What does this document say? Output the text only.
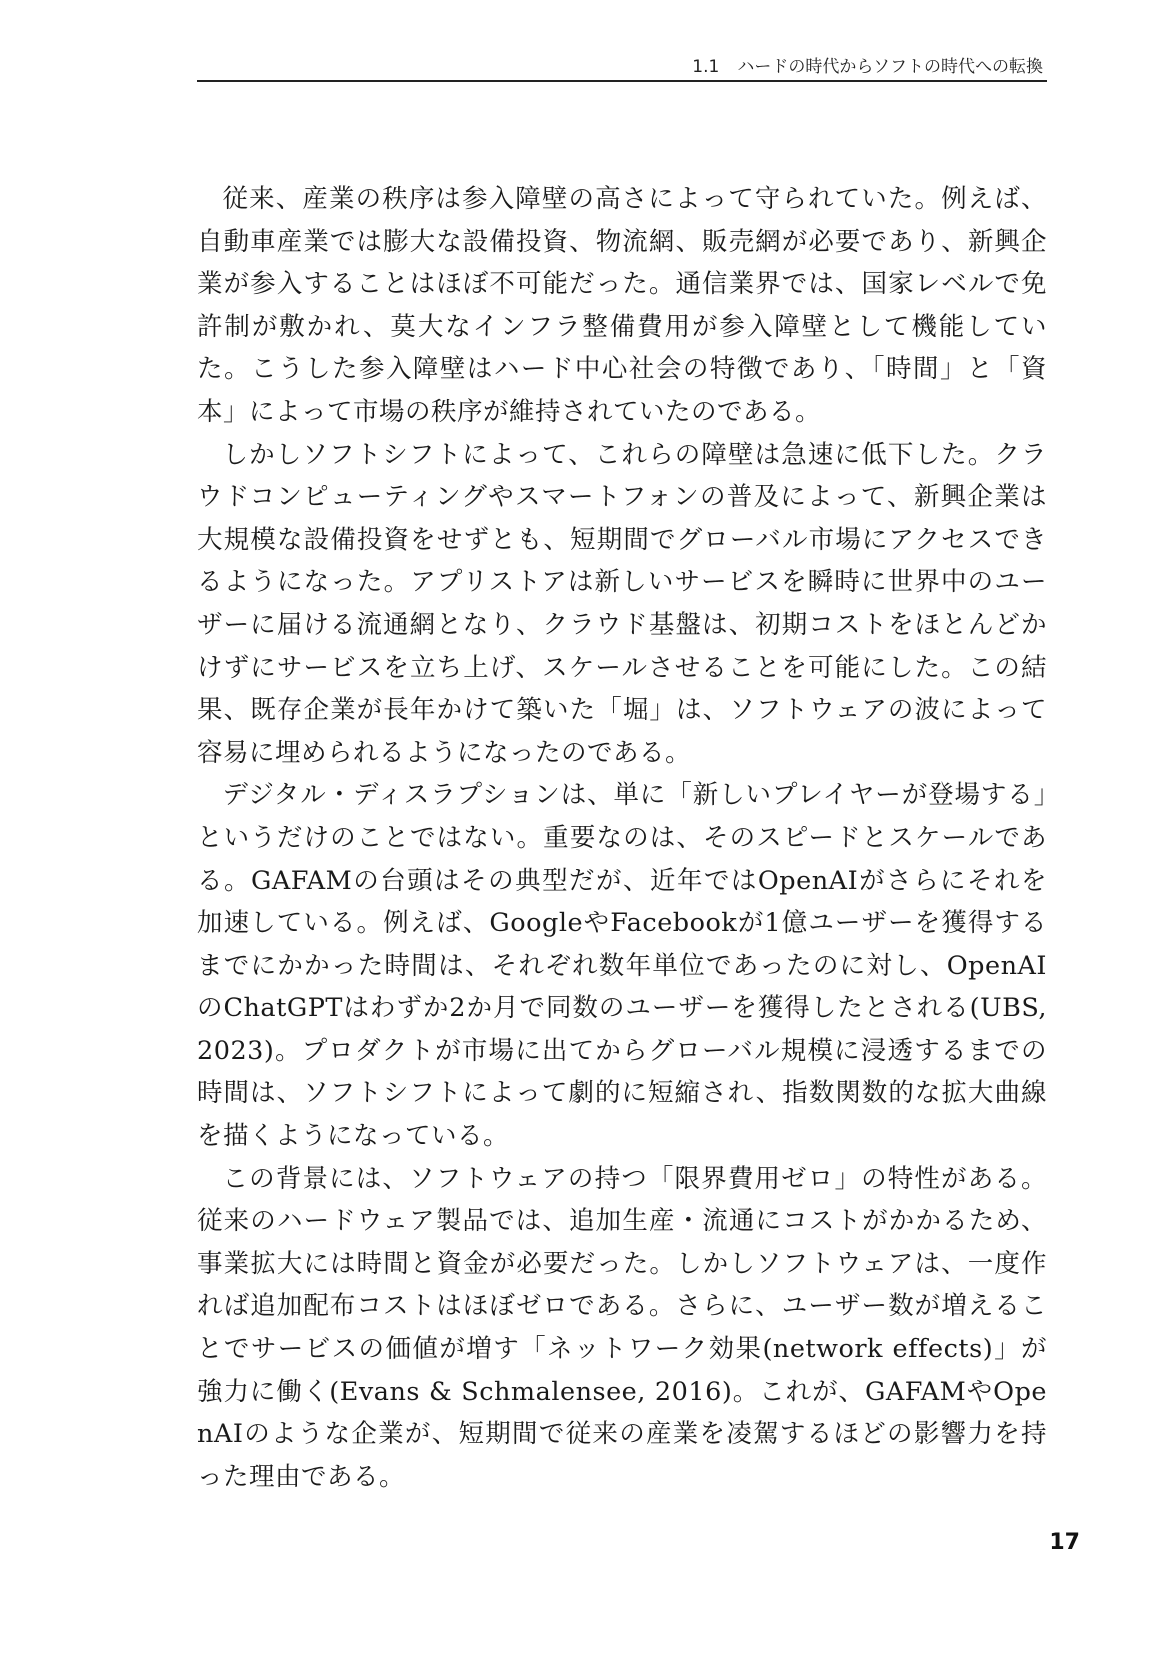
1.1 ハードの時代からソフトの時代への転換

従来、産業の秩序は参入障壁の高さによって守られていた。例えば、自動車産業では膨大な設備投資、物流網、販売網が必要であり、新興企業が参入することはほぼ不可能だった。通信業界では、国家レベルで免許制が敷かれ、莫大なインフラ整備費用が参入障壁として機能していた。こうした参入障壁はハード中心社会の特徴であり、「時間」と「資本」によって市場の秩序が維持されていたのである。

しかしソフトシフトによって、これらの障壁は急速に低下した。クラウドコンピューティングやスマートフォンの普及によって、新興企業は大規模な設備投資をせずとも、短期間でグローバル市場にアクセスできるようになった。アプリストアは新しいサービスを瞬時に世界中のユーザーに届ける流通網となり、クラウド基盤は、初期コストをほとんどかけずにサービスを立ち上げ、スケールさせることを可能にした。この結果、既存企業が長年かけて築いた「堀」は、ソフトウェアの波によって容易に埋められるようになったのである。

デジタル・ディスラプションは、単に「新しいプレイヤーが登場する」というだけのことではない。重要なのは、そのスピードとスケールである。GAFAMの台頭はその典型だが、近年ではOpenAIがさらにそれを加速している。例えば、GoogleやFacebookが1億ユーザーを獲得するまでにかかった時間は、それぞれ数年単位であったのに対し、OpenAIのChatGPTはわずか2か月で同数のユーザーを獲得したとされる(UBS, 2023)。プロダクトが市場に出てからグローバル規模に浸透するまでの時間は、ソフトシフトによって劇的に短縮され、指数関数的な拡大曲線を描くようになっている。

この背景には、ソフトウェアの持つ「限界費用ゼロ」の特性がある。従来のハードウェア製品では、追加生産・流通にコストがかかるため、事業拡大には時間と資金が必要だった。しかしソフトウェアは、一度作れば追加配布コストはほぼゼロである。さらに、ユーザー数が増えることでサービスの価値が増す「ネットワーク効果(network effects)」が強力に働く(Evans & Schmalensee, 2016)。これが、GAFAMやOpenAIのような企業が、短期間で従来の産業を凌駕するほどの影響力を持った理由である。

17
